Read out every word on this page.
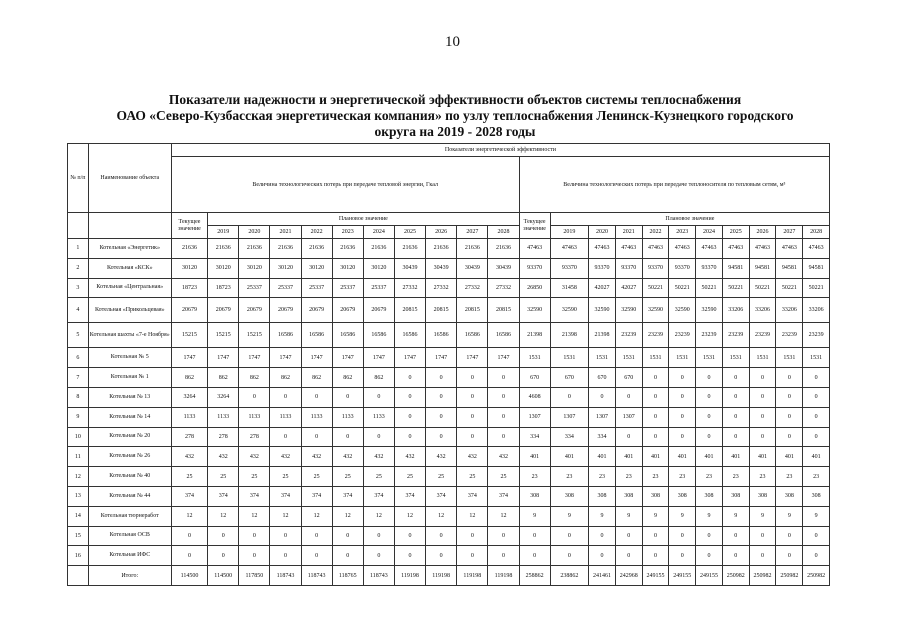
10
Показатели надежности и энергетической эффективности объектов системы теплоснабжения
ОАО «Северо-Кузбасская энергетическая компания» по узлу теплоснабжения Ленинск-Кузнецкого городского
округа на 2019 - 2028 годы
№ п/п	Наименование объекта	Показатели энергетической эффективности																					
		Величина технологических потерь при передаче тепловой энергии, Гкал											Величина технологических потерь при передаче теплоносителя по тепловым сетям, м³										
		Текущее значение	Плановое значение										Текущее значение	Плановое значение									
			2019	2020	2021	2022	2023	2024	2025	2026	2027	2028		2019	2020	2021	2022	2023	2024	2025	2026	2027	2028
1	Котельная «Энергетик»	21636	21636	21636	21636	21636	21636	21636	21636	21636	21636	21636	47463	47463	47463	47463	47463	47463	47463	47463	47463	47463	47463
2	Котельная «КСК»	30120	30120	30120	30120	30120	30120	30120	30439	30439	30439	30439	93370	93370	93370	93370	93370	93370	93370	94581	94581	94581	94581
3	Котельная «Центральная»	18723	18723	25337	25337	25337	25337	25337	27332	27332	27332	27332	26850	31458	42027	42027	50221	50221	50221	50221	50221	50221	50221
4	Котельная «Прикольцевая»	20679	20679	20679	20679	20679	20679	20679	20815	20815	20815	20815	32590	32590	32590	32590	32590	32590	32590	33206	33206	33206	33206
5	Котельная шахты «7-е Ноября»	15215	15215	15215	16586	16586	16586	16586	16586	16586	16586	16586	21398	21398	21398	23239	23239	23239	23239	23239	23239	23239	23239
6	Котельная № 5	1747	1747	1747	1747	1747	1747	1747	1747	1747	1747	1747	1531	1531	1531	1531	1531	1531	1531	1531	1531	1531	1531
7	Котельная № 1	862	862	862	862	862	862	862	0	0	0	0	670	670	670	670	0	0	0	0	0	0	0
8	Котельная № 13	3264	3264	0	0	0	0	0	0	0	0	0	4608	0	0	0	0	0	0	0	0	0	0
9	Котельная № 14	1133	1133	1133	1133	1133	1133	1133	0	0	0	0	1307	1307	1307	1307	0	0	0	0	0	0	0
10	Котельная № 20	278	278	278	0	0	0	0	0	0	0	0	334	334	334	0	0	0	0	0	0	0	0
11	Котельная № 26	432	432	432	432	432	432	432	432	432	432	432	401	401	401	401	401	401	401	401	401	401	401
12	Котельная № 40	25	25	25	25	25	25	25	25	25	25	25	23	23	23	23	23	23	23	23	23	23	23
13	Котельная № 44	374	374	374	374	374	374	374	374	374	374	374	308	308	308	308	308	308	308	308	308	308	308
14	Котельная тюрнеработ	12	12	12	12	12	12	12	12	12	12	12	9	9	9	9	9	9	9	9	9	9	9
15	Котельная ОСВ	0	0	0	0	0	0	0	0	0	0	0	0	0	0	0	0	0	0	0	0	0	0
16	Котельная ИФС	0	0	0	0	0	0	0	0	0	0	0	0	0	0	0	0	0	0	0	0	0	0
	Итого:	114500	114500	117850	118743	118743	118765	118743	119198	119198	119198	119198	258862	238862	241461	242968	249155	249155	249155	250982	250982	250982	250982
